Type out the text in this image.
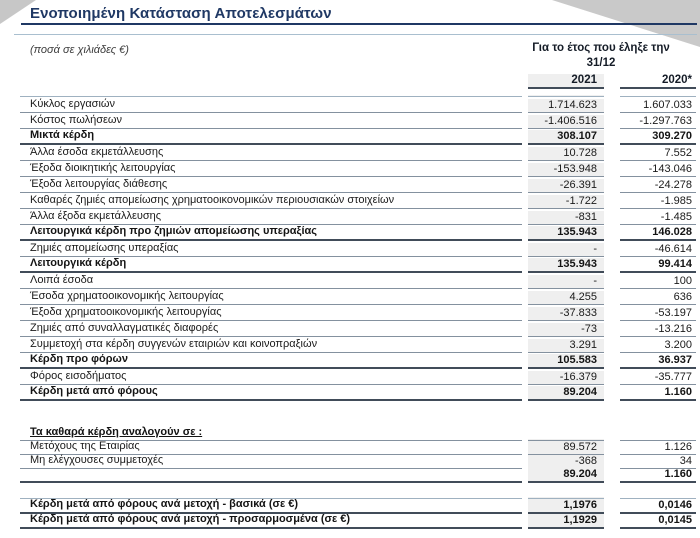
Ενοποιημένη Κατάσταση Αποτελεσμάτων
(ποσά σε χιλιάδες €)	Για το έτος που έληξε την
31/12
2021	2020*
Κύκλος εργασιών	1.714.623	1.607.033
Κόστος πωλήσεων	-1.406.516	-1.297.763
Μικτά κέρδη	308.107	309.270
Άλλα έσοδα εκμετάλλευσης	10.728	7.552
Έξοδα διοικητικής λειτουργίας	-153.948	-143.046
Έξοδα λειτουργίας διάθεσης	-26.391	-24.278
Καθαρές ζημιές απομείωσης χρηματοοικονομικών περιουσιακών στοιχείων	-1.722	-1.985
Άλλα έξοδα εκμετάλλευσης	-831	-1.485
Λειτουργικά κέρδη προ ζημιών απομείωσης υπεραξίας	135.943	146.028
Ζημιές απομείωσης υπεραξίας	-	-46.614
Λειτουργικά κέρδη	135.943	99.414
Λοιπά έσοδα	-	100
Έσοδα χρηματοοικονομικής λειτουργίας	4.255	636
Έξοδα χρηματοοικονομικής λειτουργίας	-37.833	-53.197
Ζημιές από συναλλαγματικές διαφορές	-73	-13.216
Συμμετοχή στα κέρδη συγγενών εταιριών και κοινοπραξιών	3.291	3.200
Κέρδη προ φόρων	105.583	36.937
Φόρος εισοδήματος	-16.379	-35.777
Κέρδη μετά από φόρους	89.204	1.160
Τα καθαρά κέρδη αναλογούν σε :
Μετόχους της Εταιρίας	89.572	1.126
Μη ελέγχουσες συμμετοχές	-368	34
89.204	1.160
Κέρδη μετά από φόρους ανά μετοχή - βασικά (σε €)	1,1976	0,0146
Κέρδη μετά από φόρους ανά μετοχή - προσαρμοσμένα (σε €)	1,1929	0,0145
